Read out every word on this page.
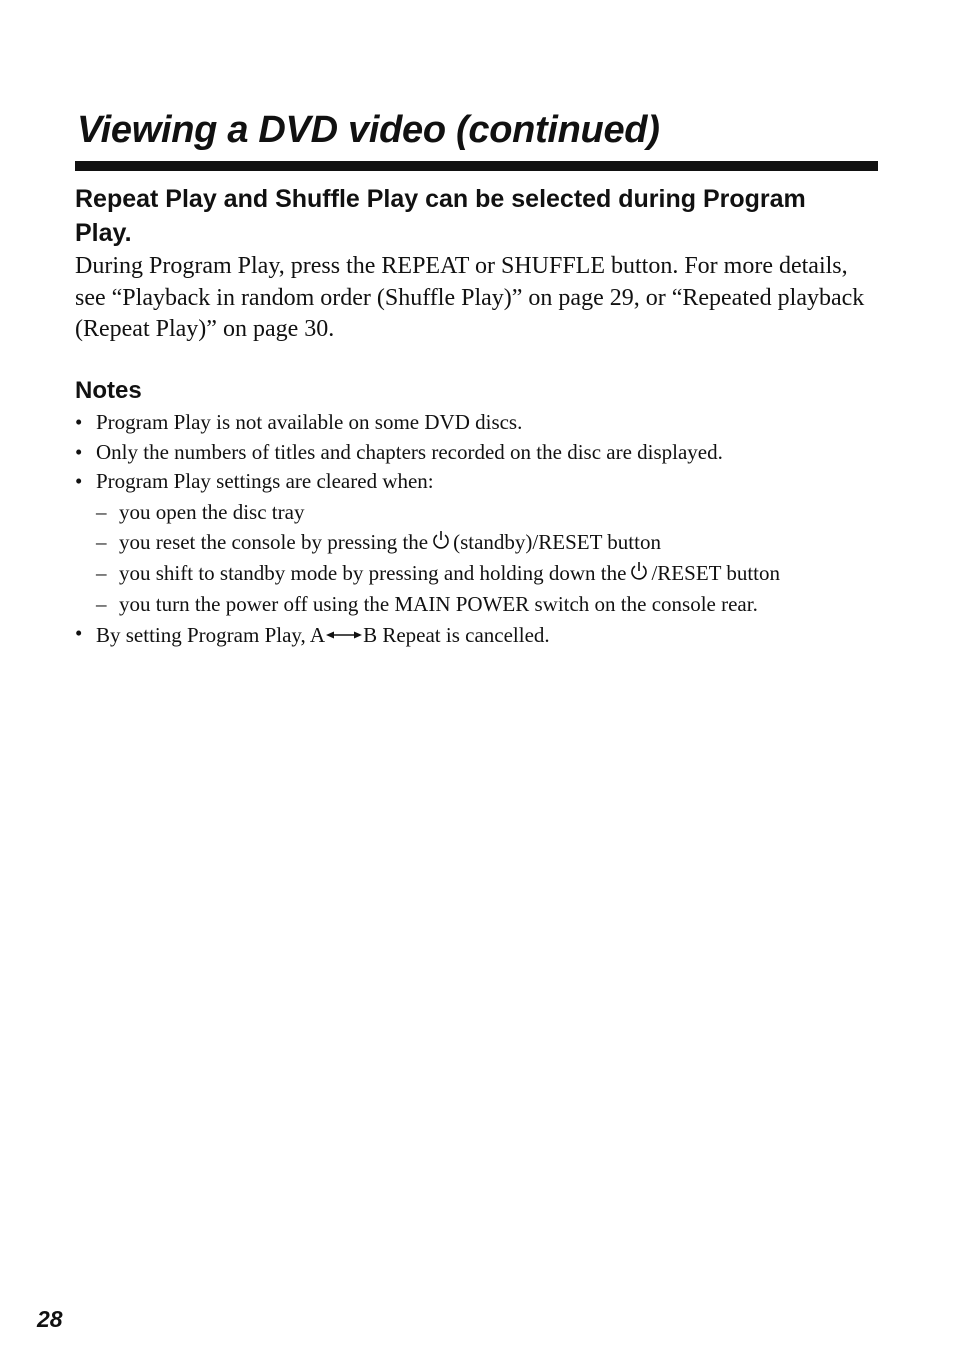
Viewing a DVD video (continued)
Repeat Play and Shuffle Play can be selected during Program Play.

During Program Play, press the REPEAT or SHUFFLE button. For more details, see “Playback in random order (Shuffle Play)” on page 29, or “Repeated playback (Repeat Play)” on page 30.

Notes
• Program Play is not available on some DVD discs.
• Only the numbers of titles and chapters recorded on the disc are displayed.
• Program Play settings are cleared when:
– you open the disc tray
– you reset the console by pressing the (standby)/RESET button
– you shift to standby mode by pressing and holding down the /RESET button
– you turn the power off using the MAIN POWER switch on the console rear.
• By setting Program Play, A B Repeat is cancelled.

28
